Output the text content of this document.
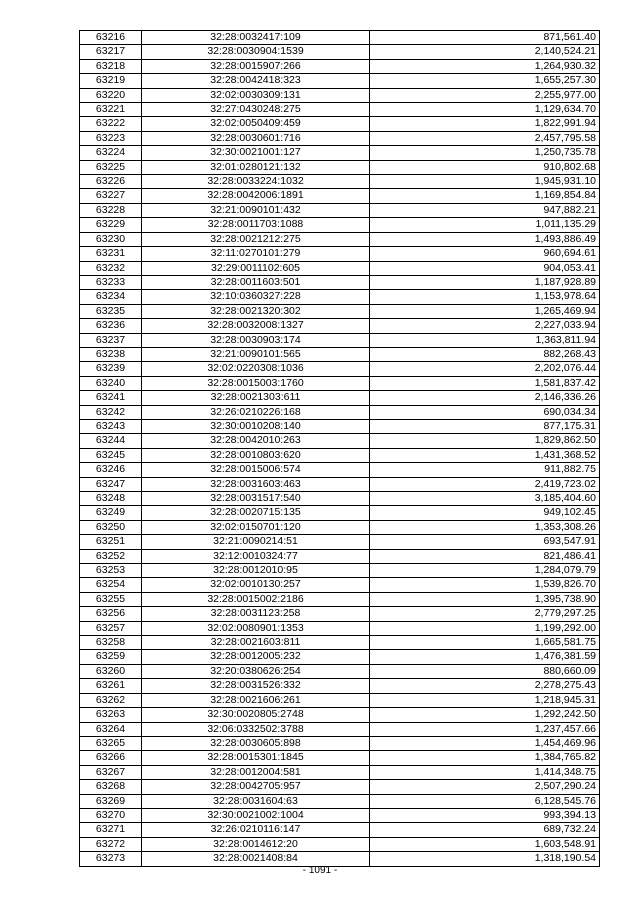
63216	32:28:0032417:109	871,561.40
63217	32:28:0030904:1539	2,140,524.21
63218	32:28:0015907:266	1,264,930.32
63219	32:28:0042418:323	1,655,257.30
63220	32:02:0030309:131	2,255,977.00
63221	32:27:0430248:275	1,129,634.70
63222	32:02:0050409:459	1,822,991.94
63223	32:28:0030601:716	2,457,795.58
63224	32:30:0021001:127	1,250,735.78
63225	32:01:0280121:132	910,802.68
63226	32:28:0033224:1032	1,945,931.10
63227	32:28:0042006:1891	1,169,854.84
63228	32:21:0090101:432	947,882.21
63229	32:28:0011703:1088	1,011,135.29
63230	32:28:0021212:275	1,493,886.49
63231	32:11:0270101:279	960,694.61
63232	32:29:0011102:605	904,053.41
63233	32:28:0011603:501	1,187,928.89
63234	32:10:0360327:228	1,153,978.64
63235	32:28:0021320:302	1,265,469.94
63236	32:28:0032008:1327	2,227,033.94
63237	32:28:0030903:174	1,363,811.94
63238	32:21:0090101:565	882,268.43
63239	32:02:0220308:1036	2,202,076.44
63240	32:28:0015003:1760	1,581,837.42
63241	32:28:0021303:611	2,146,336.26
63242	32:26:0210226:168	690,034.34
63243	32:30:0010208:140	877,175.31
63244	32:28:0042010:263	1,829,862.50
63245	32:28:0010803:620	1,431,368.52
63246	32:28:0015006:574	911,882.75
63247	32:28:0031603:463	2,419,723.02
63248	32:28:0031517:540	3,185,404.60
63249	32:28:0020715:135	949,102.45
63250	32:02:0150701:120	1,353,308.26
63251	32:21:0090214:51	693,547.91
63252	32:12:0010324:77	821,486.41
63253	32:28:0012010:95	1,284,079.79
63254	32:02:0010130:257	1,539,826.70
63255	32:28:0015002:2186	1,395,738.90
63256	32:28:0031123:258	2,779,297.25
63257	32:02:0080901:1353	1,199,292.00
63258	32:28:0021603:811	1,665,581.75
63259	32:28:0012005:232	1,476,381.59
63260	32:20:0380626:254	880,660.09
63261	32:28:0031526:332	2,278,275.43
63262	32:28:0021606:261	1,218,945.31
63263	32:30:0020805:2748	1,292,242.50
63264	32:06:0332502:3788	1,237,457.66
63265	32:28:0030605:898	1,454,469.96
63266	32:28:0015301:1845	1,384,765.82
63267	32:28:0012004:581	1,414,348.75
63268	32:28:0042705:957	2,507,290.24
63269	32:28:0031604:63	6,128,545.76
63270	32:30:0021002:1004	993,394.13
63271	32:26:0210116:147	689,732.24
63272	32:28:0014612:20	1,603,548.91
63273	32:28:0021408:84	1,318,190.54
- 1091 -
